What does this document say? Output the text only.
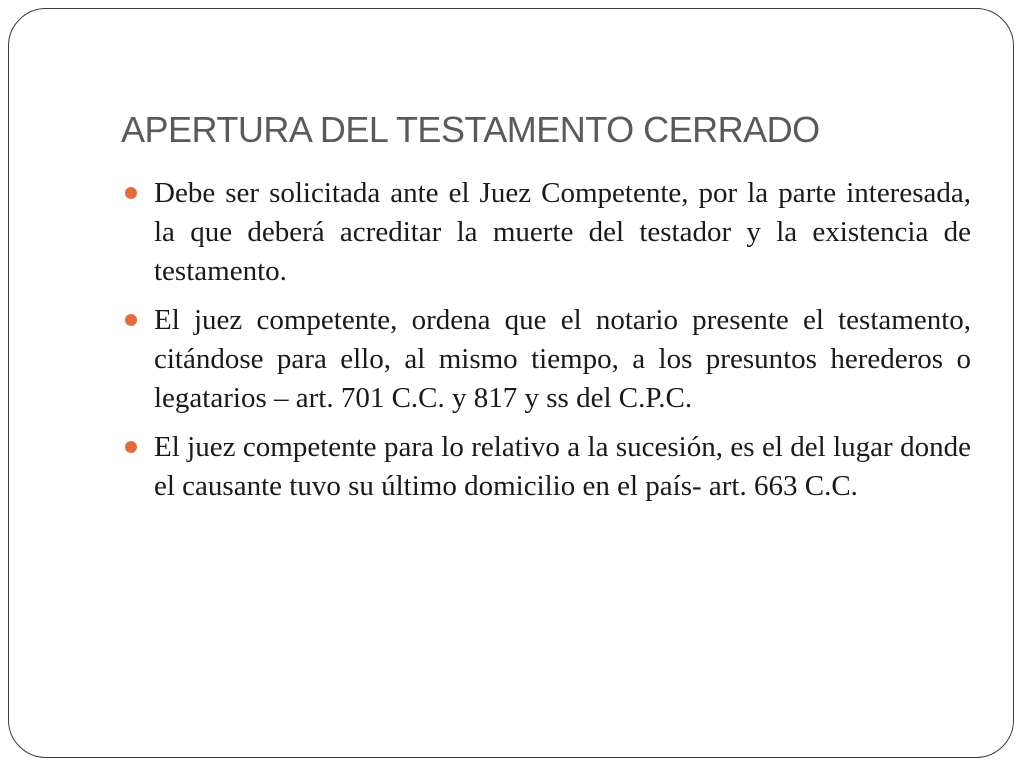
APERTURA DEL TESTAMENTO CERRADO
Debe ser solicitada ante el Juez Competente, por la parte interesada, la que deberá acreditar la muerte del testador y la existencia de testamento.
El juez competente, ordena que el notario presente el testamento, citándose para ello, al mismo tiempo, a los presuntos herederos o legatarios – art. 701 C.C. y 817 y ss del C.P.C.
El juez competente para lo relativo a la sucesión, es el del lugar donde el causante tuvo su último domicilio en el país- art. 663 C.C.
